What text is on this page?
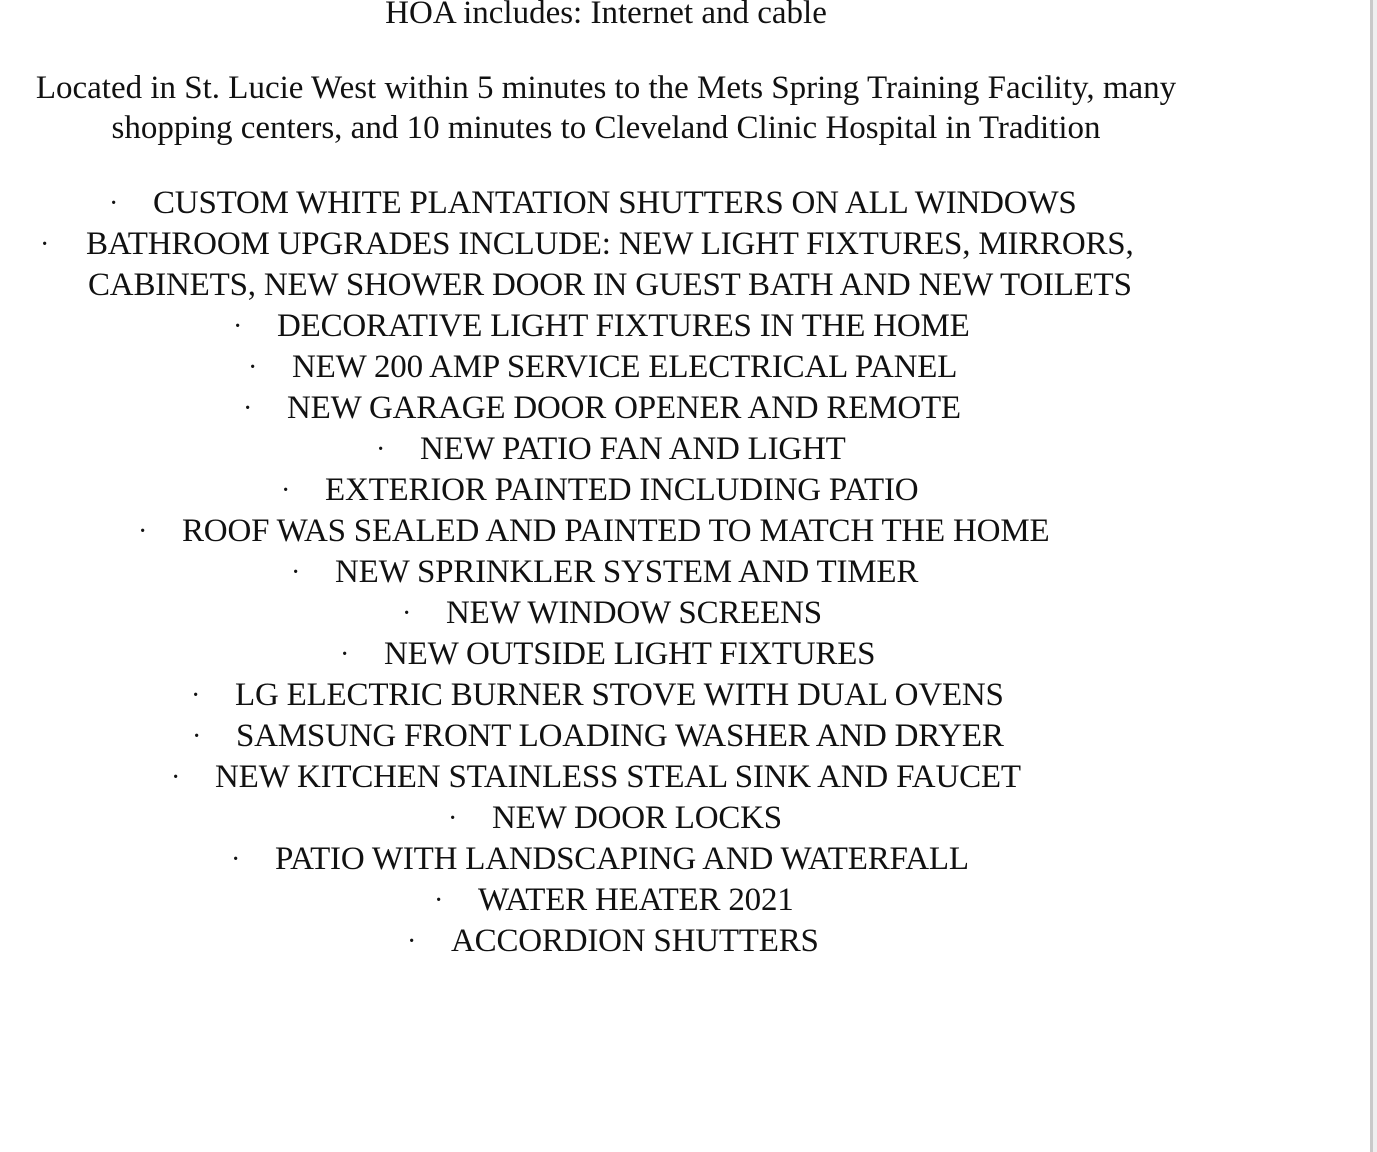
HOA includes: Internet and cable
Located in St. Lucie West within 5 minutes to the Mets Spring Training Facility, many
shopping centers, and 10 minutes to Cleveland Clinic Hospital in Tradition
· CUSTOM WHITE PLANTATION SHUTTERS ON ALL WINDOWS
· BATHROOM UPGRADES INCLUDE: NEW LIGHT FIXTURES, MIRRORS,
CABINETS, NEW SHOWER DOOR IN GUEST BATH AND NEW TOILETS
· DECORATIVE LIGHT FIXTURES IN THE HOME
· NEW 200 AMP SERVICE ELECTRICAL PANEL
· NEW GARAGE DOOR OPENER AND REMOTE
· NEW PATIO FAN AND LIGHT
· EXTERIOR PAINTED INCLUDING PATIO
· ROOF WAS SEALED AND PAINTED TO MATCH THE HOME
· NEW SPRINKLER SYSTEM AND TIMER
· NEW WINDOW SCREENS
· NEW OUTSIDE LIGHT FIXTURES
· LG ELECTRIC BURNER STOVE WITH DUAL OVENS
· SAMSUNG FRONT LOADING WASHER AND DRYER
· NEW KITCHEN STAINLESS STEAL SINK AND FAUCET
· NEW DOOR LOCKS
· PATIO WITH LANDSCAPING AND WATERFALL
· WATER HEATER 2021
· ACCORDION SHUTTERS
